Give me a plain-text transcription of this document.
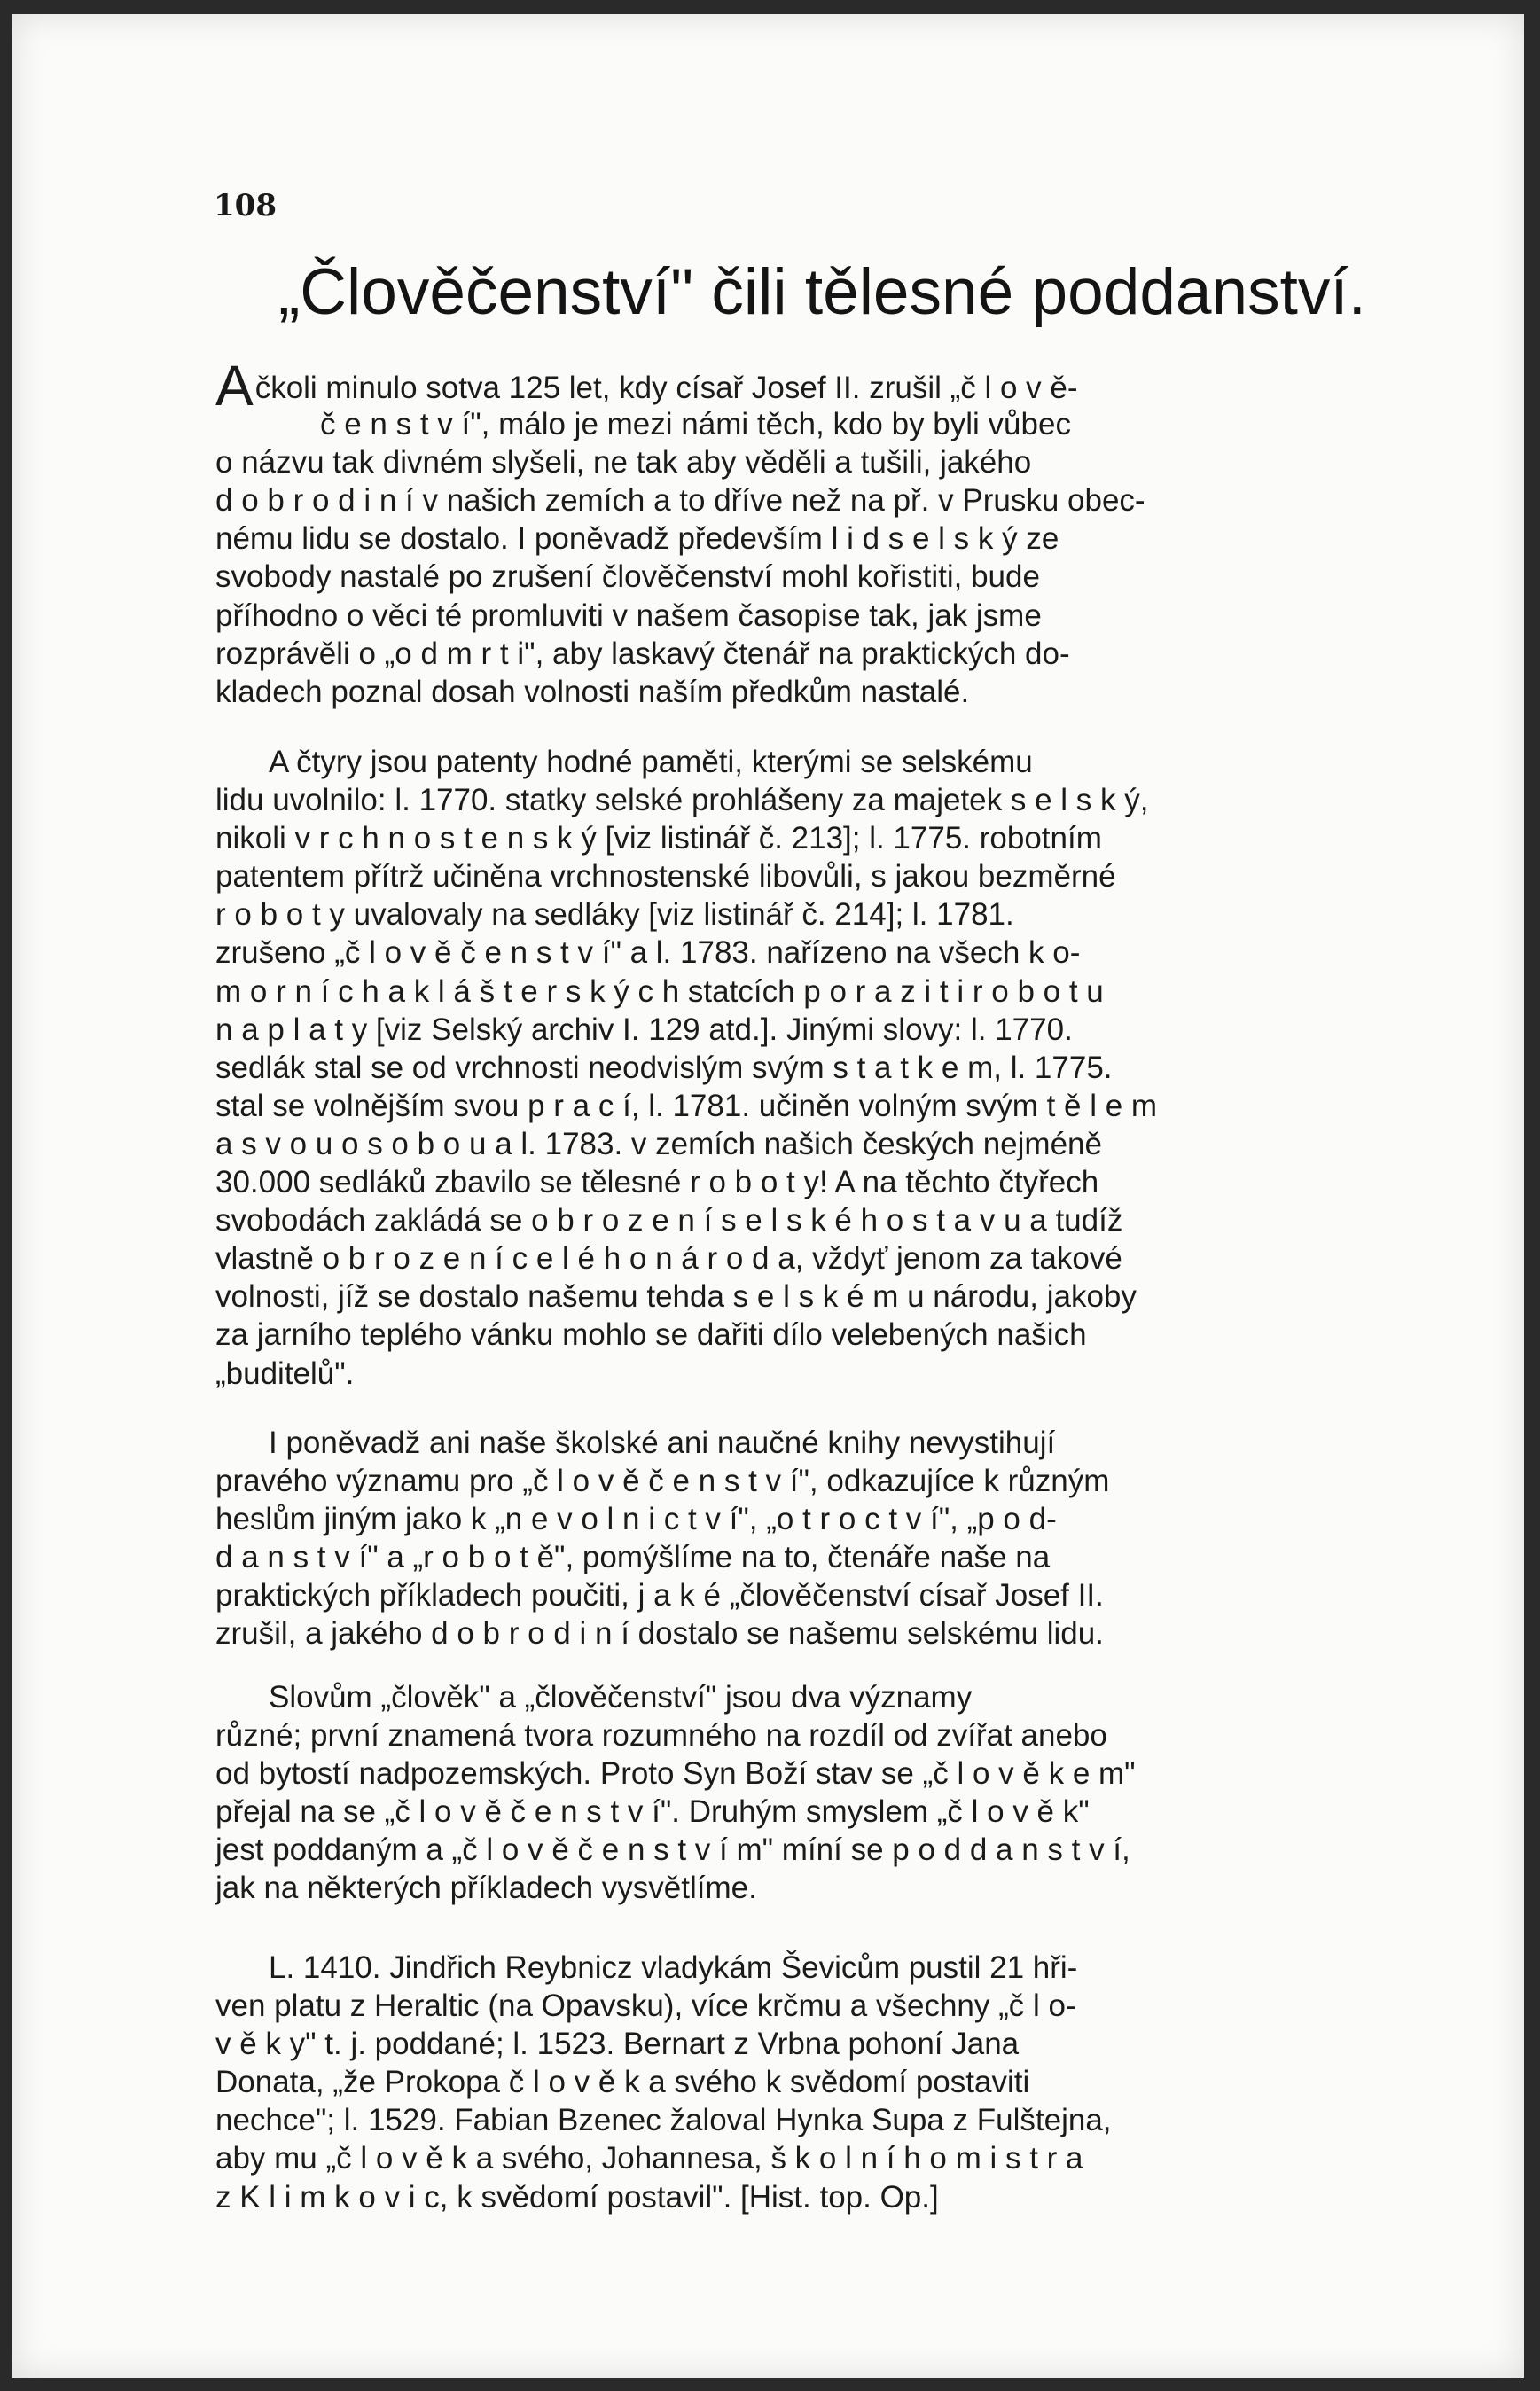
108
„Člověčenství" čili tělesné poddanství.
Ačkoli minulo sotva 125 let, kdy císař Josef II. zrušil „č l o v ě-
č e n s t v í", málo je mezi námi těch, kdo by byli vůbec
o názvu tak divném slyšeli, ne tak aby věděli a tušili, jakého
d o b r o d i n í v našich zemích a to dříve než na př. v Prusku obec-
nému lidu se dostalo. I poněvadž především l i d s e l s k ý ze
svobody nastalé po zrušení člověčenství mohl kořistiti, bude
příhodno o věci té promluviti v našem časopise tak, jak jsme
rozprávěli o „o d m r t i", aby laskavý čtenář na praktických do-
kladech poznal dosah volnosti naším předkům nastalé.
A čtyry jsou patenty hodné paměti, kterými se selskému
lidu uvolnilo: l. 1770. statky selské prohlášeny za majetek s e l s k ý,
nikoli v r c h n o s t e n s k ý [viz listinář č. 213]; l. 1775. robotním
patentem přítrž učiněna vrchnostenské libovůli, s jakou bezměrné
r o b o t y uvalovaly na sedláky [viz listinář č. 214]; l. 1781.
zrušeno „č l o v ě č e n s t v í" a l. 1783. nařízeno na všech k o-
m o r n í c h a k l á š t e r s k ý c h statcích p o r a z i t i r o b o t u
n a p l a t y [viz Selský archiv I. 129 atd.]. Jinými slovy: l. 1770.
sedlák stal se od vrchnosti neodvislým svým s t a t k e m, l. 1775.
stal se volnějším svou p r a c í, l. 1781. učiněn volným svým t ě l e m
a s v o u o s o b o u a l. 1783. v zemích našich českých nejméně
30.000 sedláků zbavilo se tělesné r o b o t y! A na těchto čtyřech
svobodách zakládá se o b r o z e n í s e l s k é h o s t a v u a tudíž
vlastně o b r o z e n í c e l é h o n á r o d a, vždyť jenom za takové
volnosti, jíž se dostalo našemu tehda s e l s k é m u národu, jakoby
za jarního teplého vánku mohlo se dařiti dílo velebených našich
„buditelů".
I poněvadž ani naše školské ani naučné knihy nevystihují
pravého významu pro „č l o v ě č e n s t v í", odkazujíce k různým
heslům jiným jako k „n e v o l n i c t v í", „o t r o c t v í", „p o d-
d a n s t v í" a „r o b o t ě", pomýšlíme na to, čtenáře naše na
praktických příkladech poučiti, j a k é „člověčenství císař Josef II.
zrušil, a jakého d o b r o d i n í dostalo se našemu selskému lidu.
Slovům „člověk" a „člověčenství" jsou dva významy
různé; první znamená tvora rozumného na rozdíl od zvířat anebo
od bytostí nadpozemských. Proto Syn Boží stav se „č l o v ě k e m"
přejal na se „č l o v ě č e n s t v í". Druhým smyslem „č l o v ě k"
jest poddaným a „č l o v ě č e n s t v í m" míní se p o d d a n s t v í,
jak na některých příkladech vysvětlíme.
L. 1410. Jindřich Reybnicz vladykám Ševicům pustil 21 hři-
ven platu z Heraltic (na Opavsku), více krčmu a všechny „č l o-
v ě k y" t. j. poddané; l. 1523. Bernart z Vrbna pohoní Jana
Donata, „že Prokopa č l o v ě k a svého k svědomí postaviti
nechce"; l. 1529. Fabian Bzenec žaloval Hynka Supa z Fulštejna,
aby mu „č l o v ě k a svého, Johannesa, š k o l n í h o m i s t r a
z K l i m k o v i c, k svědomí postavil". [Hist. top. Op.]
